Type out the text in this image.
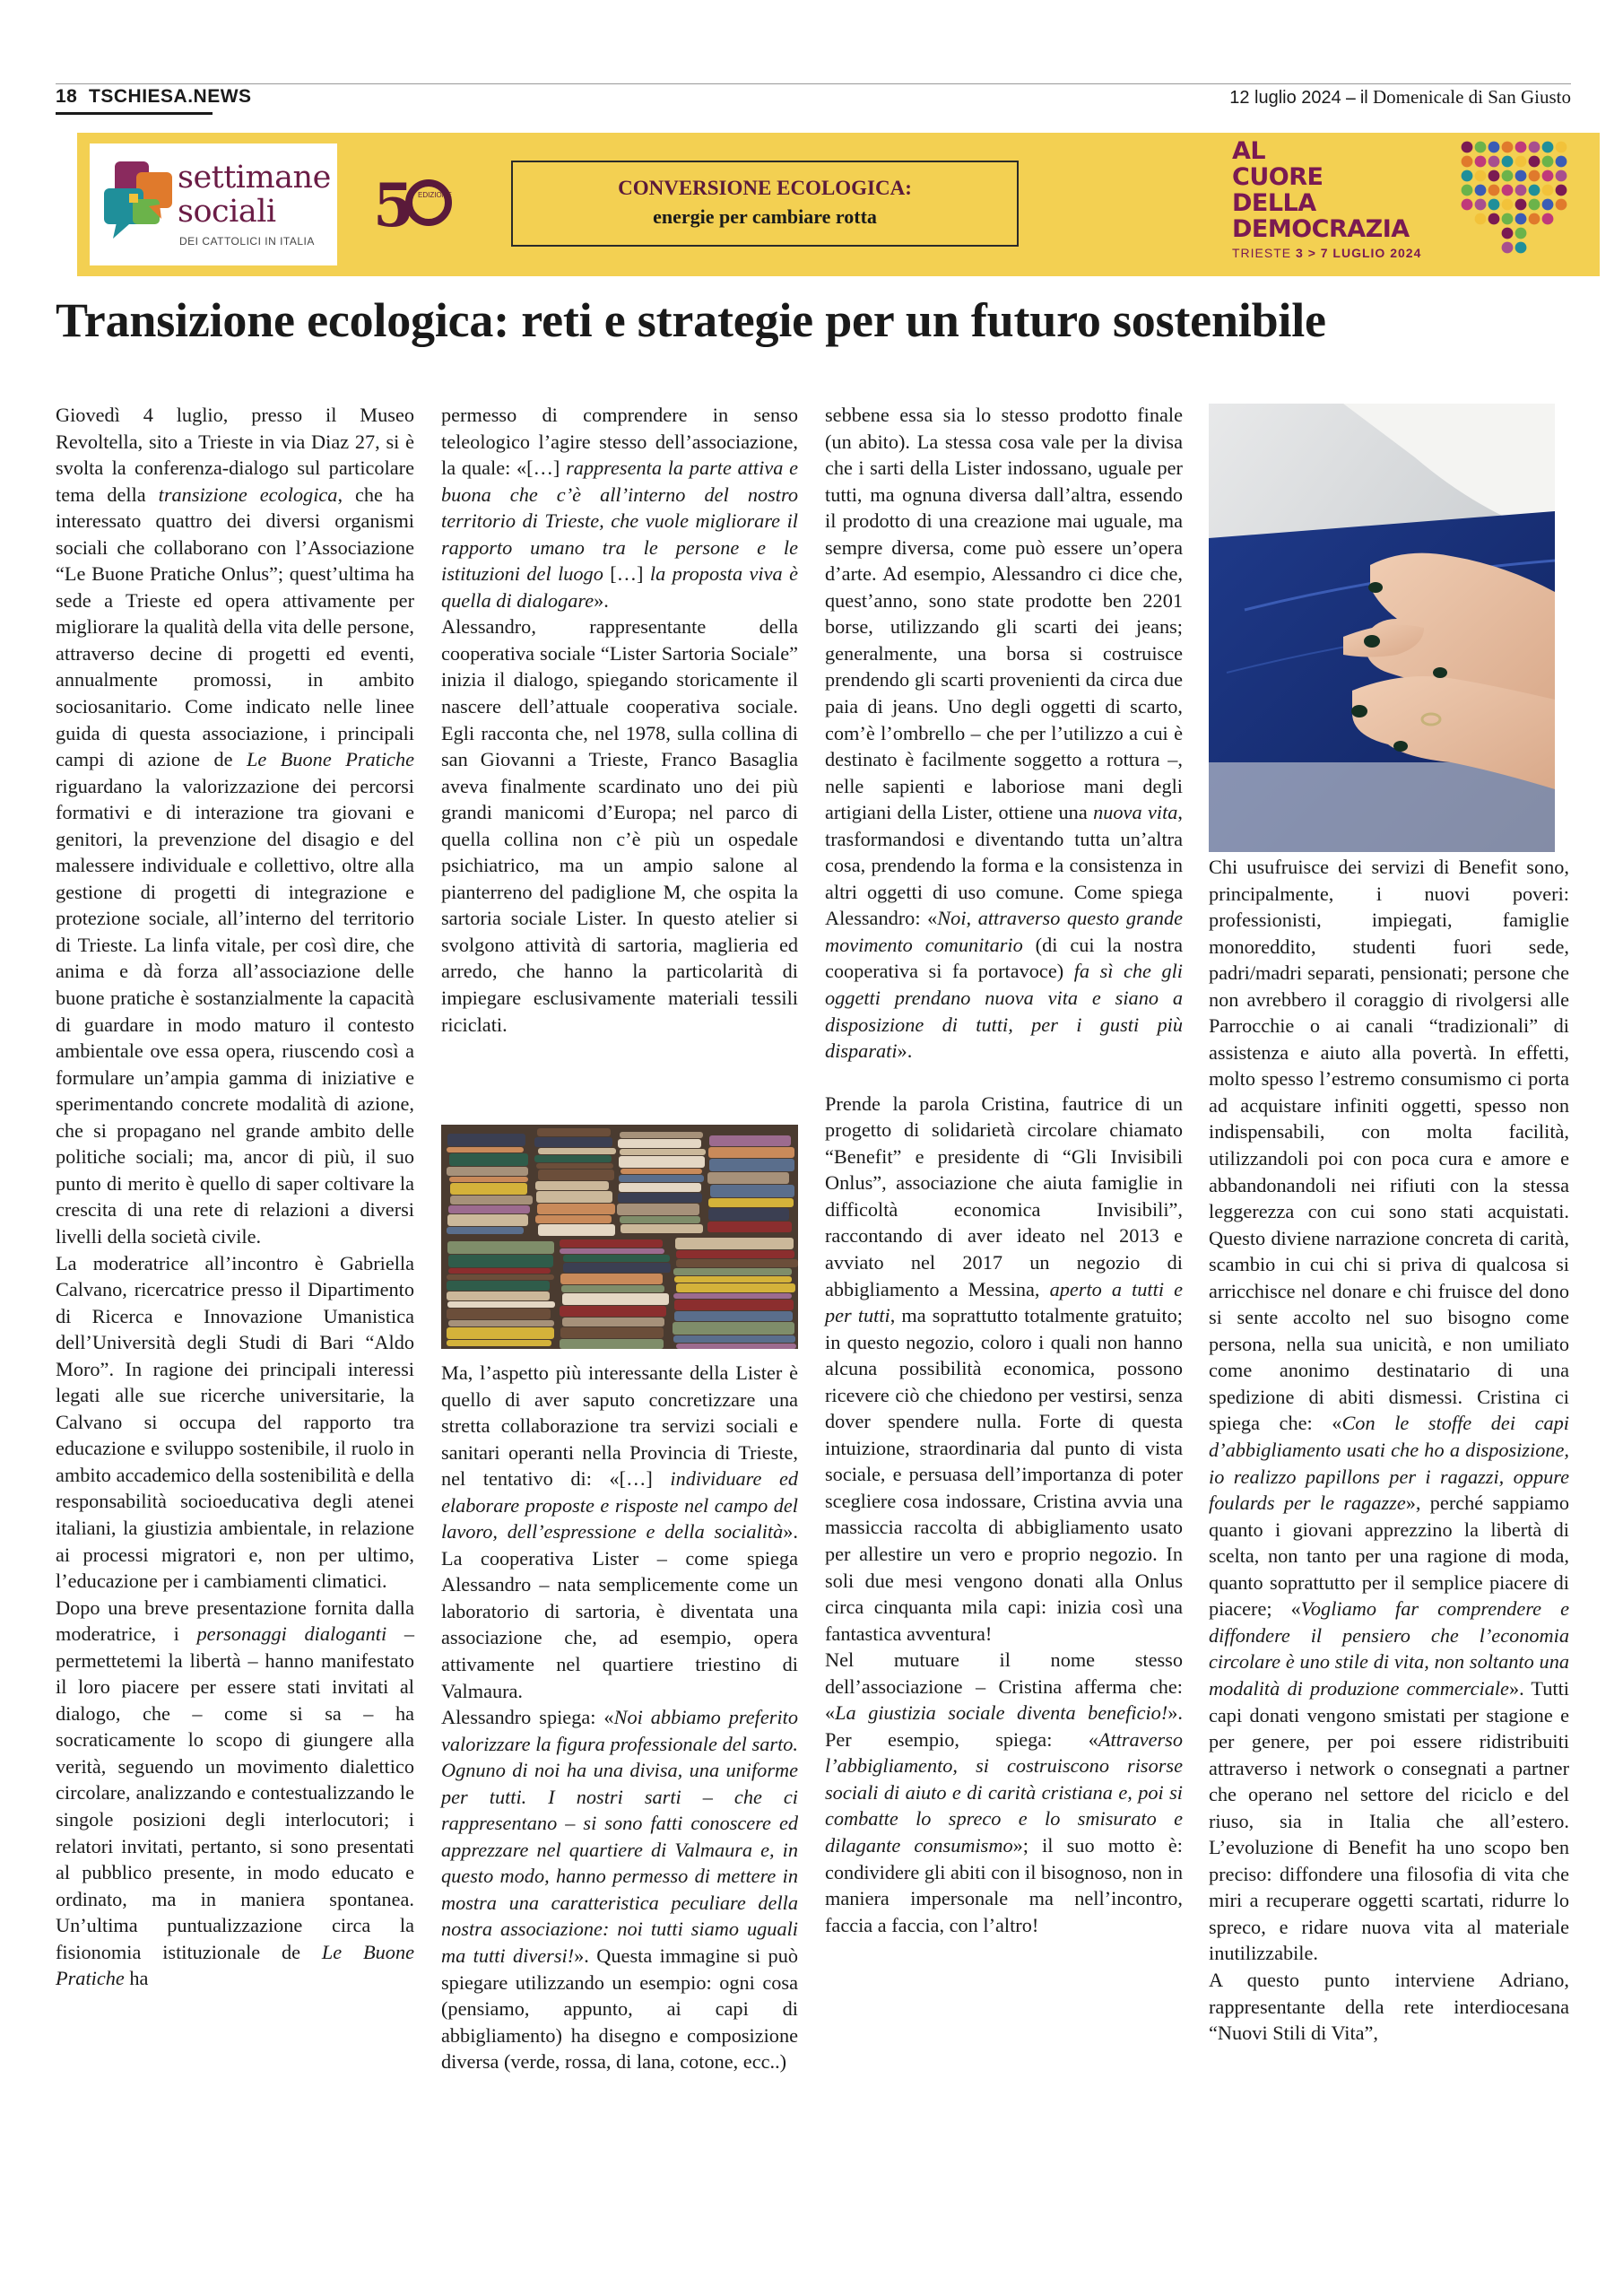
18 TSCHIESA.NEWS	12 luglio 2024 – il Domenicale di San Giusto
settimane
sociali
DEI CATTOLICI IN ITALIA
5 EDIZIONE	CONVERSIONE ECOLOGICA:
energie per cambiare rotta
AL
CUORE
DELLA
DEMOCRAZIA
TRIESTE 3 > 7 LUGLIO 2024
Transizione ecologica: reti e strategie per un futuro sostenibile

Giovedì 4 luglio, presso il Museo Revoltella, sito a Trieste in via Diaz 27, si è svolta la conferenza-dialogo sul particolare tema della transizione ecologica, che ha interessato quattro dei diversi organismi sociali che collaborano con l’Associazione “Le Buone Pratiche Onlus”; quest’ultima ha sede a Trieste ed opera attivamente per migliorare la qualità della vita delle persone, attraverso decine di progetti ed eventi, annualmente promossi, in ambito sociosanitario. Come indicato nelle linee guida di questa associazione, i principali campi di azione de Le Buone Pratiche riguardano la valorizzazione dei percorsi formativi e di interazione tra giovani e genitori, la prevenzione del disagio e del malessere individuale e collettivo, oltre alla gestione di progetti di integrazione e protezione sociale, all’interno del territorio di Trieste. La linfa vitale, per così dire, che anima e dà forza all’associazione delle buone pratiche è sostanzialmente la capacità di guardare in modo maturo il contesto ambientale ove essa opera, riuscendo così a formulare un’ampia gamma di iniziative e sperimentando concrete modalità di azione, che si propagano nel grande ambito delle politiche sociali; ma, ancor di più, il suo punto di merito è quello di saper coltivare la crescita di una rete di relazioni a diversi livelli della società civile.

La moderatrice all’incontro è Gabriella Calvano, ricercatrice presso il Dipartimento di Ricerca e Innovazione Umanistica dell’Università degli Studi di Bari “Aldo Moro”. In ragione dei principali interessi legati alle sue ricerche universitarie, la Calvano si occupa del rapporto tra educazione e sviluppo sostenibile, il ruolo in ambito accademico della sostenibilità e della responsabilità socioeducativa degli atenei italiani, la giustizia ambientale, in relazione ai processi migratori e, non per ultimo, l’educazione per i cambiamenti climatici.

Dopo una breve presentazione fornita dalla moderatrice, i personaggi dialoganti – permettetemi la libertà – hanno manifestato il loro piacere per essere stati invitati al dialogo, che – come si sa – ha socraticamente lo scopo di giungere alla verità, seguendo un movimento dialettico circolare, analizzando e contestualizzando le singole posizioni degli interlocutori; i relatori invitati, pertanto, si sono presentati al pubblico presente, in modo educato e ordinato, ma in maniera spontanea. Un’ultima puntualizzazione circa la fisionomia istituzionale de Le Buone Pratiche ha

permesso di comprendere in senso teleologico l’agire stesso dell’associazione, la quale: «[…] rappresenta la parte attiva e buona che c’è all’interno del nostro territorio di Trieste, che vuole migliorare il rapporto umano tra le persone e le istituzioni del luogo […] la proposta viva è quella di dialogare».

Alessandro, rappresentante della cooperativa sociale “Lister Sartoria Sociale” inizia il dialogo, spiegando storicamente il nascere dell’attuale cooperativa sociale. Egli racconta che, nel 1978, sulla collina di san Giovanni a Trieste, Franco Basaglia aveva finalmente scardinato uno dei più grandi manicomi d’Europa; nel parco di quella collina non c’è più un ospedale psichiatrico, ma un ampio salone al pianterreno del padiglione M, che ospita la sartoria sociale Lister. In questo atelier si svolgono attività di sartoria, maglieria ed arredo, che hanno la particolarità di impiegare esclusivamente materiali tessili riciclati.

Ma, l’aspetto più interessante della Lister è quello di aver saputo concretizzare una stretta collaborazione tra servizi sociali e sanitari operanti nella Provincia di Trieste, nel tentativo di: «[…] individuare ed elaborare proposte e risposte nel campo del lavoro, dell’espressione e della socialità». La cooperativa Lister – come spiega Alessandro – nata semplicemente come un laboratorio di sartoria, è diventata una associazione che, ad esempio, opera attivamente nel quartiere triestino di Valmaura.

Alessandro spiega: «Noi abbiamo preferito valorizzare la figura professionale del sarto. Ognuno di noi ha una divisa, una uniforme per tutti. I nostri sarti – che ci rappresentano – si sono fatti conoscere ed apprezzare nel quartiere di Valmaura e, in questo modo, hanno permesso di mettere in mostra una caratteristica peculiare della nostra associazione: noi tutti siamo uguali ma tutti diversi!». Questa immagine si può spiegare utilizzando un esempio: ogni cosa (pensiamo, appunto, ai capi di abbigliamento) ha disegno e composizione diversa (verde, rossa, di lana, cotone, ecc..)

sebbene essa sia lo stesso prodotto finale (un abito). La stessa cosa vale per la divisa che i sarti della Lister indossano, uguale per tutti, ma ognuna diversa dall’altra, essendo il prodotto di una creazione mai uguale, ma sempre diversa, come può essere un’opera d’arte. Ad esempio, Alessandro ci dice che, quest’anno, sono state prodotte ben 2201 borse, utilizzando gli scarti dei jeans; generalmente, una borsa si costruisce prendendo gli scarti provenienti da circa due paia di jeans. Uno degli oggetti di scarto, com’è l’ombrello – che per l’utilizzo a cui è destinato è facilmente soggetto a rottura –, nelle sapienti e laboriose mani degli artigiani della Lister, ottiene una nuova vita, trasformandosi e diventando tutta un’altra cosa, prendendo la forma e la consistenza in altri oggetti di uso comune. Come spiega Alessandro: «Noi, attraverso questo grande movimento comunitario (di cui la nostra cooperativa si fa portavoce) fa sì che gli oggetti prendano nuova vita e siano a disposizione di tutti, per i gusti più disparati».

Prende la parola Cristina, fautrice di un progetto di solidarietà circolare chiamato “Benefit” e presidente di “Gli Invisibili Onlus”, associazione che aiuta famiglie in difficoltà economica Invisibili”, raccontando di aver ideato nel 2013 e avviato nel 2017 un negozio di abbigliamento a Messina, aperto a tutti e per tutti, ma soprattutto totalmente gratuito; in questo negozio, coloro i quali non hanno alcuna possibilità economica, possono ricevere ciò che chiedono per vestirsi, senza dover spendere nulla. Forte di questa intuizione, straordinaria dal punto di vista sociale, e persuasa dell’importanza di poter scegliere cosa indossare, Cristina avvia una massiccia raccolta di abbigliamento usato per allestire un vero e proprio negozio. In soli due mesi vengono donati alla Onlus circa cinquanta mila capi: inizia così una fantastica avventura!

Nel mutuare il nome stesso dell’associazione – Cristina afferma che: «La giustizia sociale diventa beneficio!». Per esempio, spiega: «Attraverso l’abbigliamento, si costruiscono risorse sociali di aiuto e di carità cristiana e, poi si combatte lo spreco e lo smisurato e dilagante consumismo»; il suo motto è: condividere gli abiti con il bisognoso, non in maniera impersonale ma nell’incontro, faccia a faccia, con l’altro!

Chi usufruisce dei servizi di Benefit sono, principalmente, i nuovi poveri: professionisti, impiegati, famiglie monoreddito, studenti fuori sede, padri/madri separati, pensionati; persone che non avrebbero il coraggio di rivolgersi alle Parrocchie o ai canali “tradizionali” di assistenza e aiuto alla povertà. In effetti, molto spesso l’estremo consumismo ci porta ad acquistare infiniti oggetti, spesso non indispensabili, con molta facilità, utilizzandoli poi con poca cura e amore e abbandonandoli nei rifiuti con la stessa leggerezza con cui sono stati acquistati. Questo diviene narrazione concreta di carità, scambio in cui chi si priva di qualcosa si arricchisce nel donare e chi fruisce del dono si sente accolto nel suo bisogno come persona, nella sua unicità, e non umiliato come anonimo destinatario di una spedizione di abiti dismessi. Cristina ci spiega che: «Con le stoffe dei capi d’abbigliamento usati che ho a disposizione, io realizzo papillons per i ragazzi, oppure foulards per le ragazze», perché sappiamo quanto i giovani apprezzino la libertà di scelta, non tanto per una ragione di moda, quanto soprattutto per il semplice piacere di piacere; «Vogliamo far comprendere e diffondere il pensiero che l’economia circolare è uno stile di vita, non soltanto una modalità di produzione commerciale». Tutti capi donati vengono smistati per stagione e per genere, per poi essere ridistribuiti attraverso i network o consegnati a partner che operano nel settore del riciclo e del riuso, sia in Italia che all’estero. L’evoluzione di Benefit ha uno scopo ben preciso: diffondere una filosofia di vita che miri a recuperare oggetti scartati, ridurre lo spreco, e ridare nuova vita al materiale inutilizzabile.

A questo punto interviene Adriano, rappresentante della rete interdiocesana “Nuovi Stili di Vita”,
